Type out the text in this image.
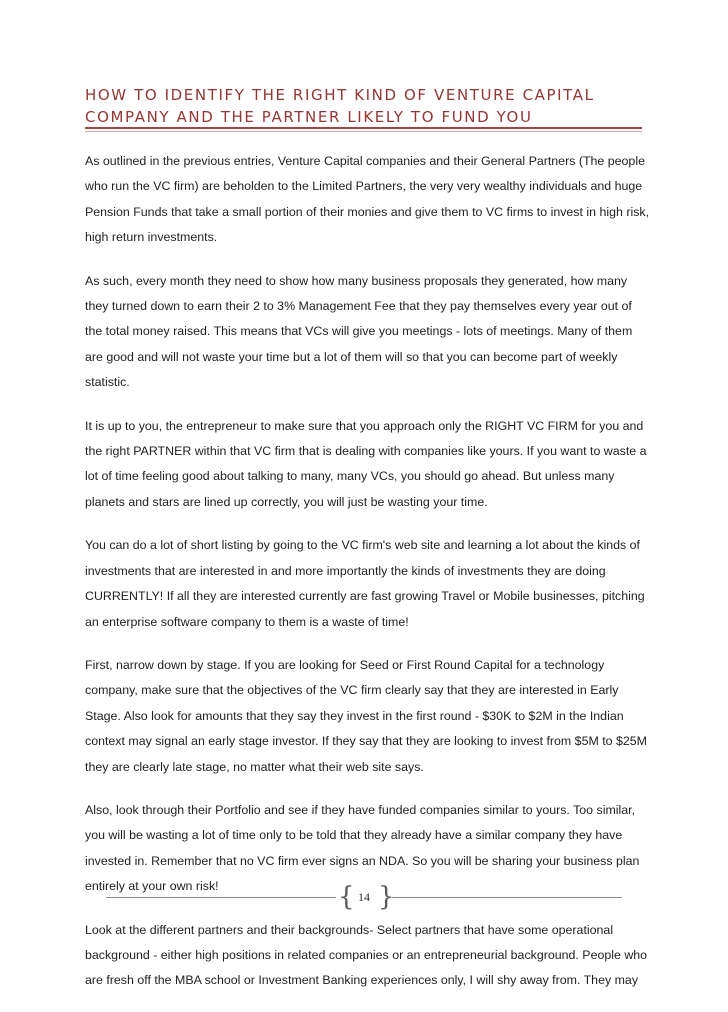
HOW TO IDENTIFY THE RIGHT KIND OF VENTURE CAPITAL COMPANY AND THE PARTNER LIKELY TO FUND YOU

As outlined in the previous entries, Venture Capital companies and their General Partners (The people who run the VC firm) are beholden to the Limited Partners, the very very wealthy individuals and huge Pension Funds that take a small portion of their monies and give them to VC firms to invest in high risk, high return investments.

As such, every month they need to show how many business proposals they generated, how many they turned down to earn their 2 to 3% Management Fee that they pay themselves every year out of the total money raised. This means that VCs will give you meetings - lots of meetings. Many of them are good and will not waste your time but a lot of them will so that you can become part of weekly statistic.

It is up to you, the entrepreneur to make sure that you approach only the RIGHT VC FIRM for you and the right PARTNER within that VC firm that is dealing with companies like yours. If you want to waste a lot of time feeling good about talking to many, many VCs, you should go ahead. But unless many planets and stars are lined up correctly, you will just be wasting your time.

You can do a lot of short listing by going to the VC firm's web site and learning a lot about the kinds of investments that are interested in and more importantly the kinds of investments they are doing CURRENTLY! If all they are interested currently are fast growing Travel or Mobile businesses, pitching an enterprise software company to them is a waste of time!

First, narrow down by stage. If you are looking for Seed or First Round Capital for a technology company, make sure that the objectives of the VC firm clearly say that they are interested in Early Stage. Also look for amounts that they say they invest in the first round - $30K to $2M in the Indian context may signal an early stage investor. If they say that they are looking to invest from $5M to $25M they are clearly late stage, no matter what their web site says.

Also, look through their Portfolio and see if they have funded companies similar to yours. Too similar, you will be wasting a lot of time only to be told that they already have a similar company they have invested in. Remember that no VC firm ever signs an NDA. So you will be sharing your business plan entirely at your own risk!

Look at the different partners and their backgrounds- Select partners that have some operational background - either high positions in related companies or an entrepreneurial background. People who are fresh off the MBA school or Investment Banking experiences only, I will shy away from. They may

{ 14 }
